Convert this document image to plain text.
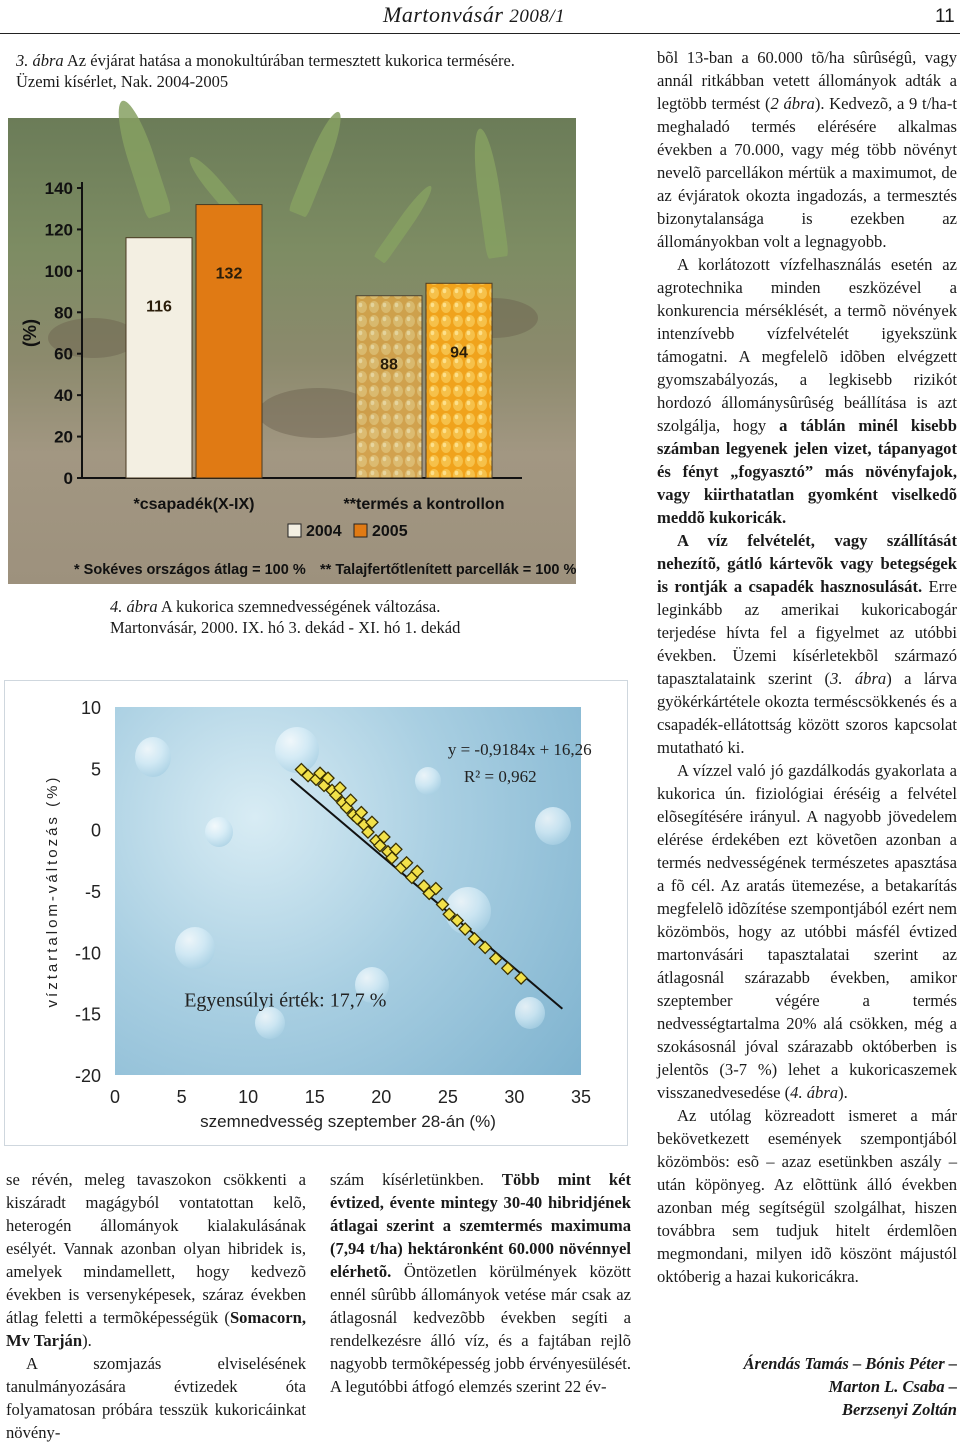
Martonvásár 2008/1	11
3. ábra Az évjárat hatása a monokultúrában termesztett kukorica termésére.
Üzemi kísérlet, Nak. 2004-2005
0
20
40
60
80
100
120
140
(%)
116
132
*csapadék(X-IX)
88
94
**termés a kontrollon
2004 2005
* Sokéves országos átlag = 100 % ** Talajfertőtlenített parcellák = 100 %
4. ábra A kukorica szemnedvességének változása.
Martonvásár, 2000. IX. hó 3. dekád - XI. hó 1. dekád
10
5
0
-5
-10
-15
-20
0	5	10	15	20	25	30	35
szemnedvesség szeptember 28-án (%)
víztartalom-változás (%)
y = -0,9184x + 16,26
R² = 0,962
Egyensúlyi érték: 17,7 %

se révén, meleg tavaszokon csökkenti a kiszáradt magágyból vontatottan kelõ, heterogén állományok kialakulásának esélyét. Vannak azonban olyan hibridek is, amelyek mindamellett, hogy kedvezõ években is versenyképesek, száraz években átlag feletti a termõképességük (Somacorn, Mv Tarján).

A szomjazás elviselésének tanulmányozására évtizedek óta folyamatosan próbára tesszük kukoricáinkat növény-

szám kísérletünkben. Több mint két évtized, évente mintegy 30-40 hibridjének átlagai szerint a szemtermés maximuma (7,94 t/ha) hektáronként 60.000 növénnyel elérhetõ. Öntözetlen körülmények között ennél sûrûbb állományok vetése már csak az átlagosnál kedvezõbb években segíti a rendelkezésre álló víz, és a fajtában rejlõ nagyobb termõképesség jobb érvényesülését. A legutóbbi átfogó elemzés szerint 22 év-

bõl 13-ban a 60.000 tõ/ha sûrûségû, vagy annál ritkábban vetett állományok adták a legtöbb termést (2 ábra). Kedvezõ, a 9 t/ha-t meghaladó termés elérésére alkalmas években a 70.000, vagy még több növényt nevelõ parcellákon mértük a maximumot, de az évjáratok okozta ingadozás, a termesztés bizonytalansága is ezekben az állományokban volt a legnagyobb.

A korlátozott vízfelhasználás esetén az agrotechnika minden eszközével a konkurencia mérséklését, a termõ növények intenzívebb vízfelvételét igyekszünk támogatni. A megfelelõ idõben elvégzett gyomszabályozás, a legkisebb rizikót hordozó állománysûrûség beállítása is azt szolgálja, hogy a táblán minél kisebb számban legyenek jelen vizet, tápanyagot és fényt „fogyasztó” más növényfajok, vagy kiirthatatlan gyomként viselkedõ meddõ kukoricák.

A víz felvételét, vagy szállítását nehezítõ, gátló kártevõk vagy betegségek is rontják a csapadék hasznosulását. Erre leginkább az amerikai kukoricabogár terjedése hívta fel a figyelmet az utóbbi években. Üzemi kísérletekbõl származó tapasztalataink szerint (3. ábra) a lárva gyökérkártétele okozta terméscsökkenés és a csapadék-ellátottság között szoros kapcsolat mutatható ki.

A vízzel való jó gazdálkodás gyakorlata a kukorica ún. fiziológiai éréséig a felvétel elõsegítésére irányul. A nagyobb jövedelem elérése érdekében ezt követõen azonban a termés nedvességének természetes apasztása a fõ cél. Az aratás ütemezése, a betakarítás megfelelõ idõzítése szempontjából ezért nem közömbös, hogy az utóbbi másfél évtized martonvásári tapasztalatai szerint az átlagosnál szárazabb években, amikor szeptember végére a termés nedvességtartalma 20% alá csökken, még a szokásosnál jóval szárazabb októberben is jelentõs (3-7 %) lehet a kukoricaszemek visszanedvesedése (4. ábra).

Az utólag közreadott ismeret a már bekövetkezett események szempontjából közömbös: esõ – azaz esetünkben aszály – után köpönyeg. Az elõttünk álló években azonban még segítségül szolgálhat, hiszen továbbra sem tudjuk hitelt érdemlõen megmondani, milyen idõ köszönt májustól októberig a hazai kukoricákra.

Árendás Tamás – Bónis Péter –
Marton L. Csaba –
Berzsenyi Zoltán
